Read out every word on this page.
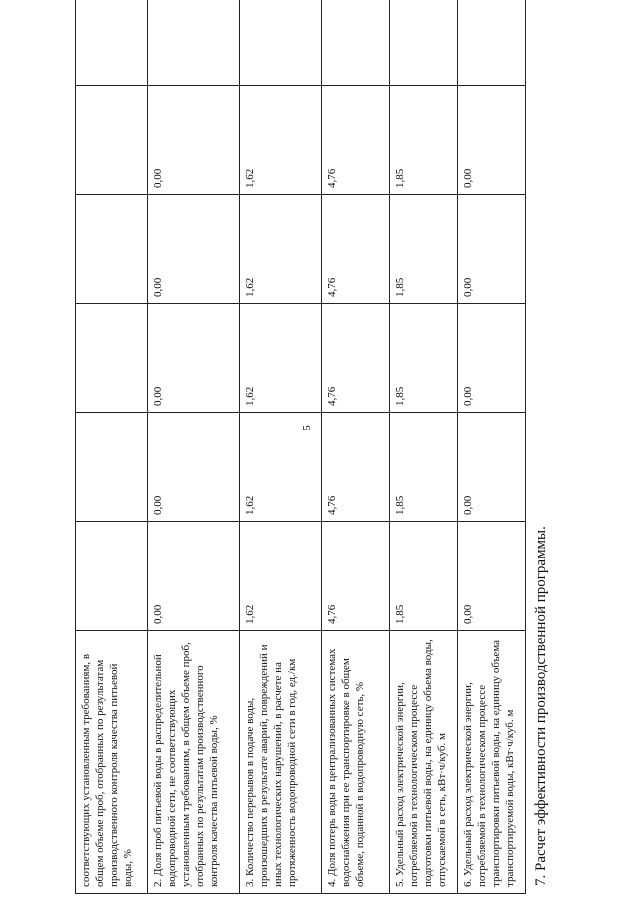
5
соответствующих установленным требованиям, в общем объеме проб, отобранных по результатам производственного контроля качества питьевой воды, %						
2. Доля проб питьевой воды в распределительной водопроводной сети, не соответствующих установленным требованиям, в общем объеме проб, отобранных по результатам производственного контроля качества питьевой воды, %	0,00	0,00	0,00	0,00	0,00	
3. Количество перерывов в подаче воды, произошедших в результате аварий, повреждений и иных технологических нарушений, в расчете на протяженность водопроводной сети в год, ед./км	1,62	1,62	1,62	1,62	1,62	
4. Доля потерь воды в централизованных системах водоснабжения при ее транспортировке в общем объеме, поданной в водопроводную сеть, %	4,76	4,76	4,76	4,76	4,76	
5. Удельный расход электрической энергии, потребляемой в технологическом процессе подготовки питьевой воды, на единицу объема воды, отпускаемой в сеть, кВт·ч/куб. м	1,85	1,85	1,85	1,85	1,85	
6. Удельный расход электрической энергии, потребляемой в технологическом процессе транспортировки питьевой воды, на единицу объема транспортируемой воды, кВт·ч/куб. м	0,00	0,00	0,00	0,00	0,00	
7. Расчет эффективности производственной программы.
